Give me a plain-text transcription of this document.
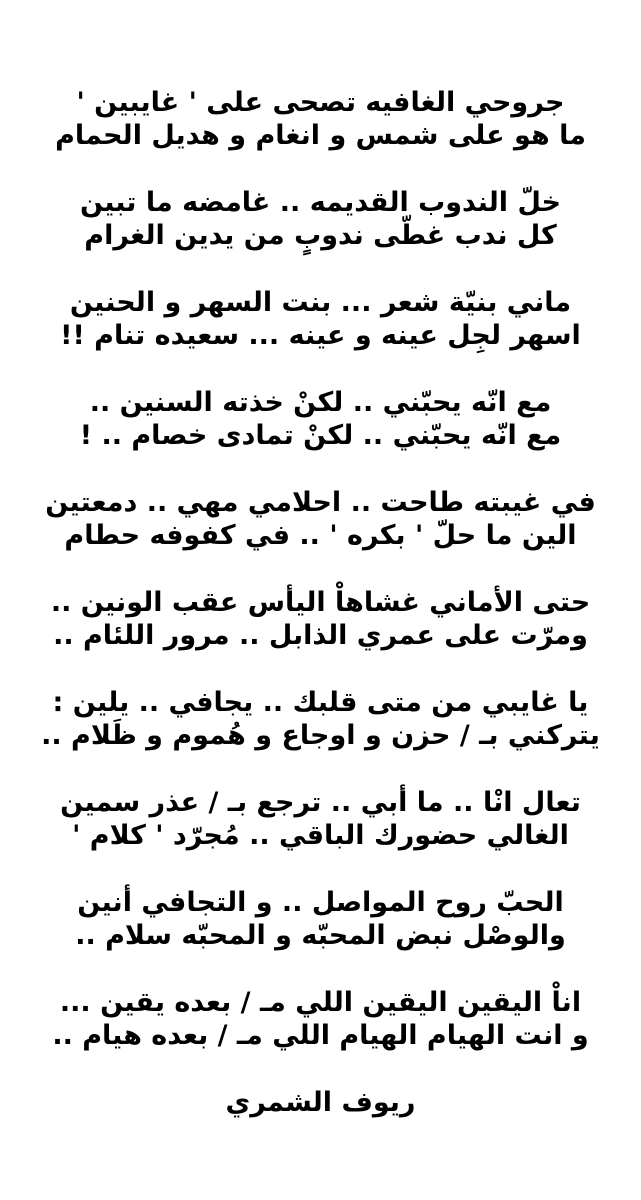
جروحي الغافيه تصحى على ' غايبين '
ما هو على شمس و انغام و هديل الحمام
خلّ الندوب القديمه .. غامضه ما تبين
كل ندب غطّى ندوبٍ من يدين الغرام
ماني بنيّة شعر ... بنت السهر و الحنين
اسهر لجِل عينه و عينه ... سعيده تنام !!
مع انّه يحبّني .. لكنْ خذته السنين ..
مع انّه يحبّني .. لكنْ تمادى خصام .. !
في غيبته طاحت .. احلامي مهي .. دمعتين
الين ما حلّ ' بكره ' .. في كفوفه حطام
حتى الأماني غشاهاْ اليأس عقب الونين ..
ومرّت على عمري الذابل .. مرور اللئام ..
يا غايبي من متى قلبك .. يجافي .. يلين :
يتركني بـ / حزن و اوجاع و هُموم و ظَلام ..
تعال انْا .. ما أبي .. ترجع بـ / عذر سمين
الغالي حضورك الباقي .. مُجرّد ' كلام '
الحبّ روح المواصل .. و التجافي أنين
والوصْل نبض المحبّه و المحبّه سلام ..
اناْ اليقين اليقين اللي مـ / بعده يقين ...
و انت الهيام الهيام اللي مـ / بعده هيام ..
ريوف الشمري
